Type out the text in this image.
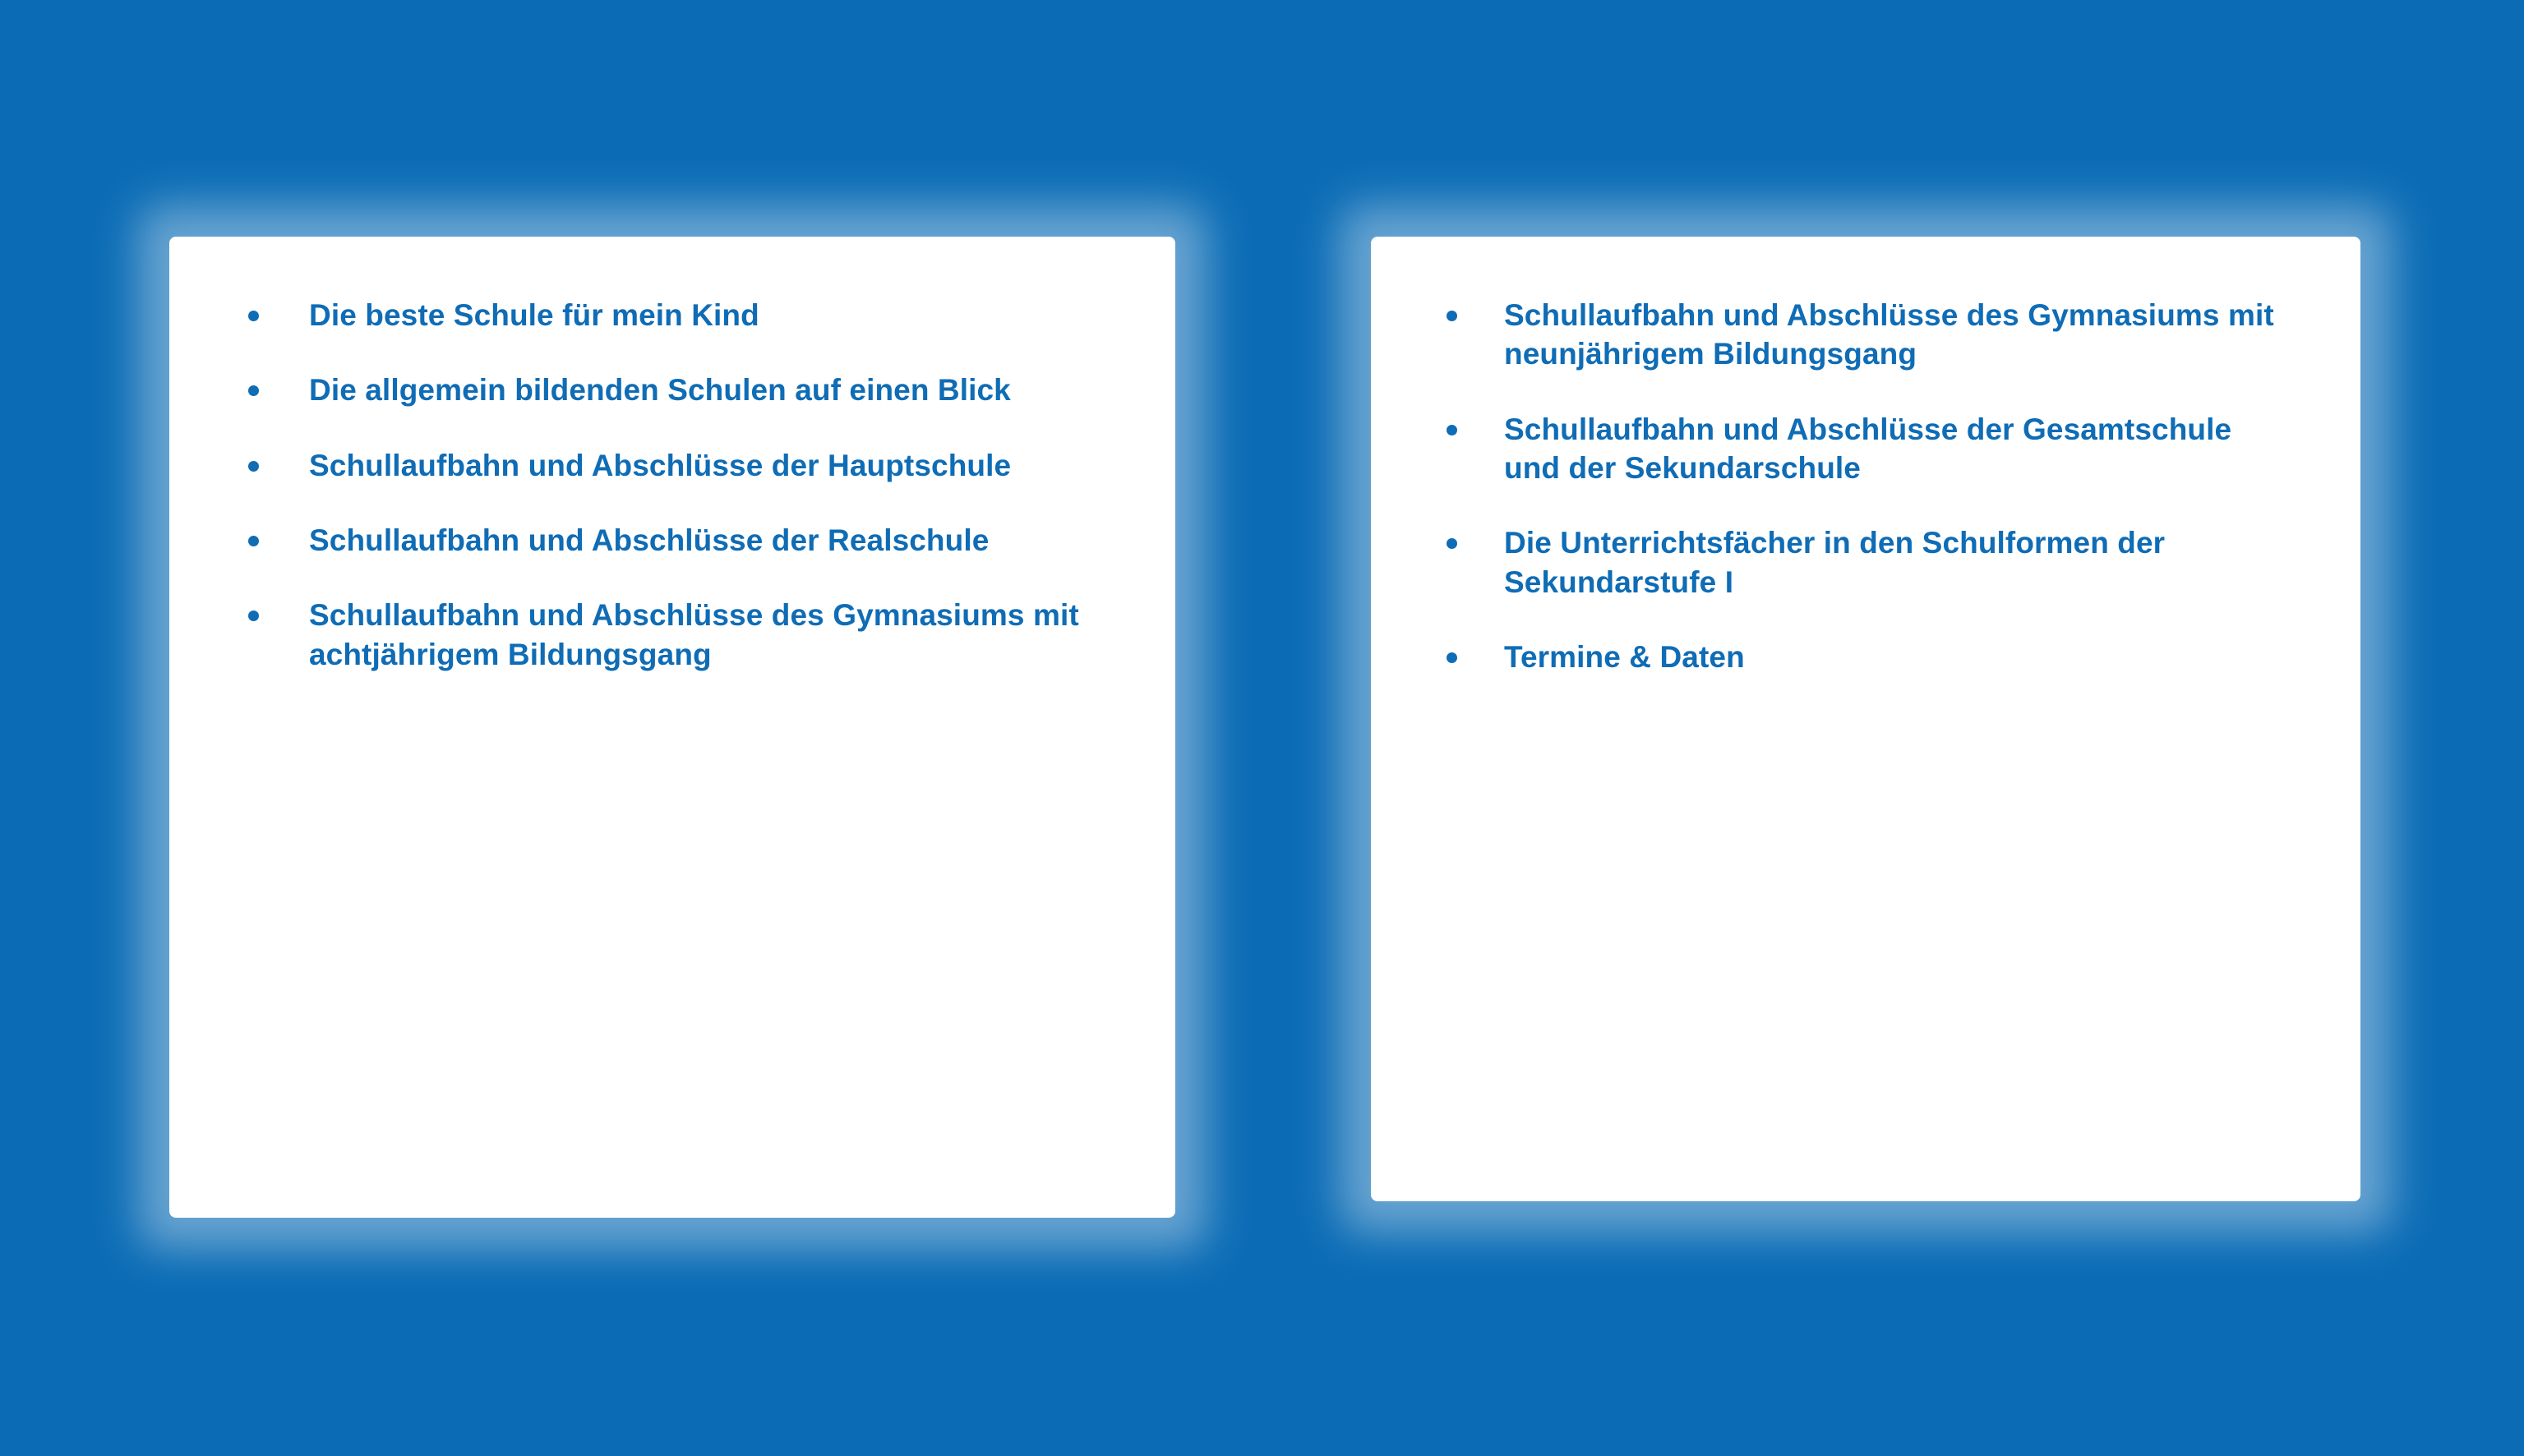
Die beste Schule für mein Kind
Die allgemein bildenden Schulen auf einen Blick
Schullaufbahn und Abschlüsse der Hauptschule
Schullaufbahn und Abschlüsse der Realschule
Schullaufbahn und Abschlüsse des Gymnasiums mit achtjährigem Bildungsgang
Schullaufbahn und Abschlüsse des Gymnasiums mit neunjährigem Bildungsgang
Schullaufbahn und Abschlüsse der Gesamtschule und der Sekundarschule
Die Unterrichtsfächer in den Schulformen der Sekundarstufe I
Termine & Daten
